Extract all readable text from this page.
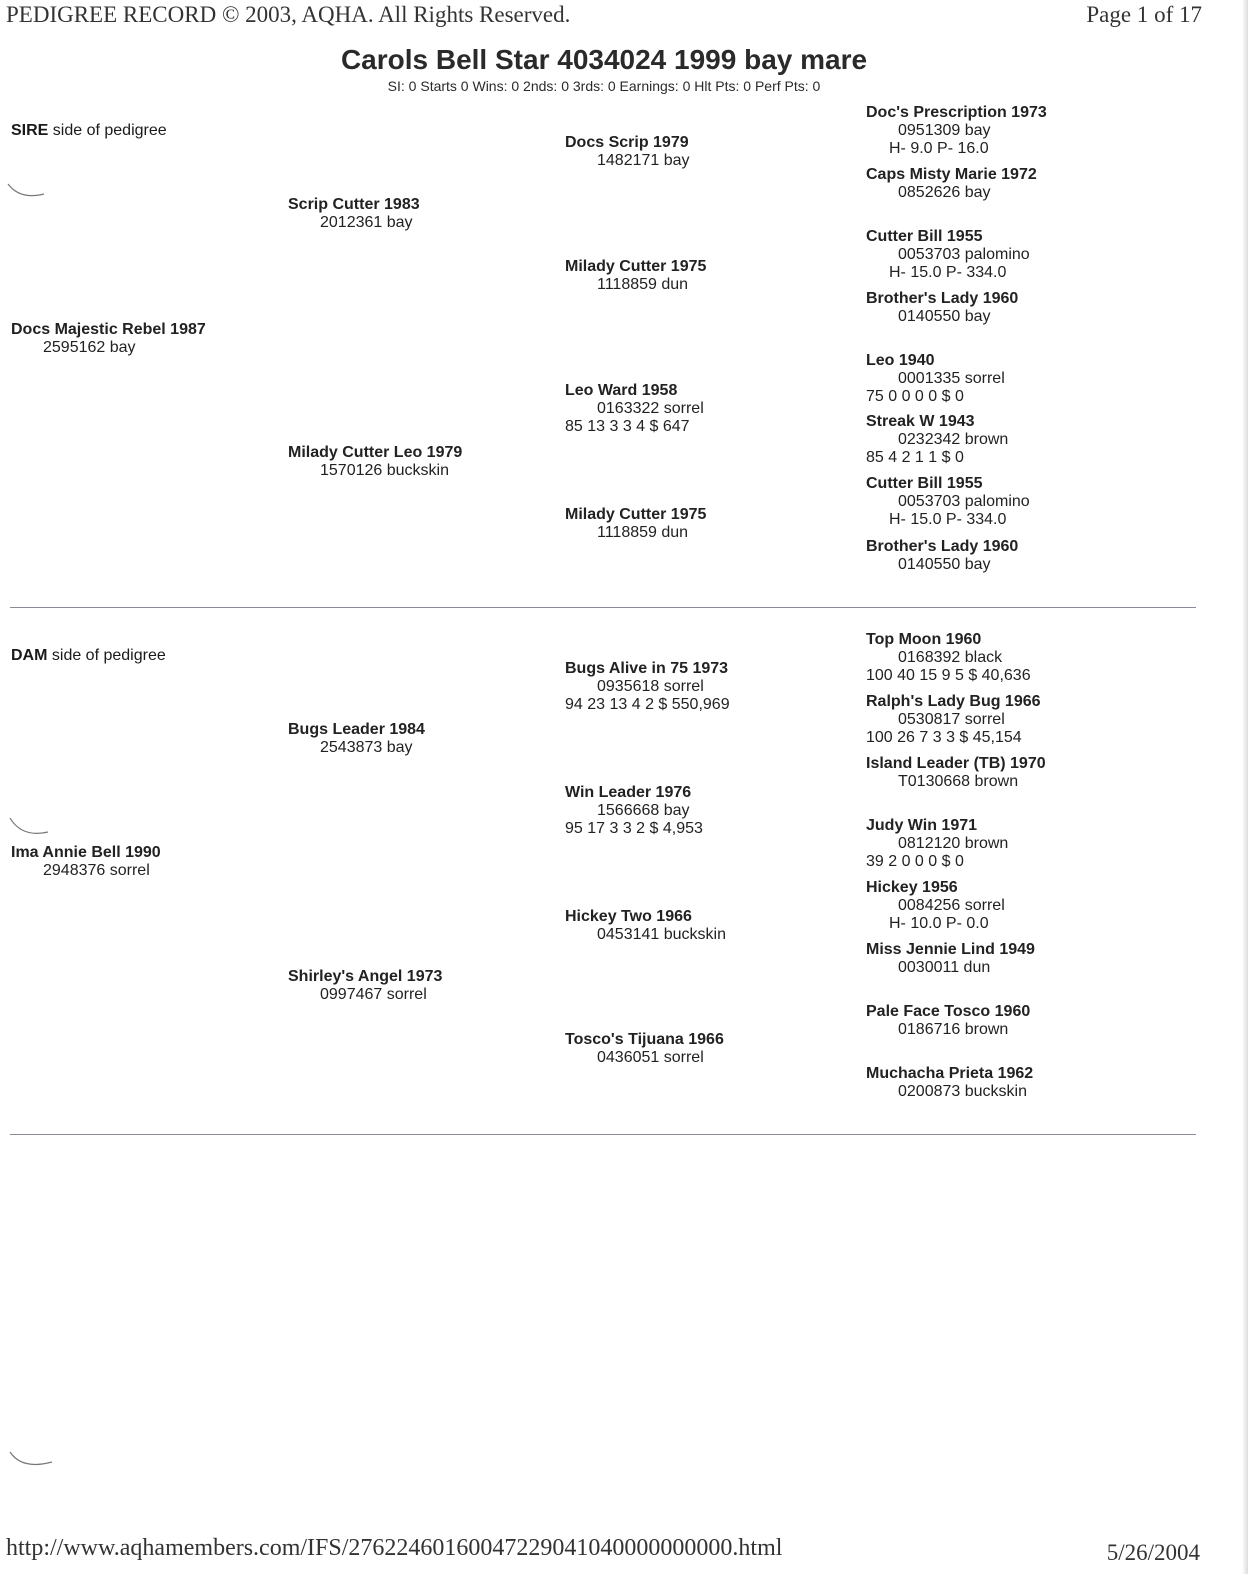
PEDIGREE RECORD © 2003, AQHA. All Rights Reserved.	Page 1 of 17
Carols Bell Star 4034024 1999 bay mare
SI: 0 Starts 0 Wins: 0 2nds: 0 3rds: 0 Earnings: 0 Hlt Pts: 0 Perf Pts: 0
SIRE side of pedigree
Docs Majestic Rebel 1987
2595162 bay
Scrip Cutter 1983
2012361 bay
Milady Cutter Leo 1979
1570126 buckskin
Docs Scrip 1979
1482171 bay
Milady Cutter 1975
1118859 dun
Leo Ward 1958
0163322 sorrel
85 13 3 3 4 $ 647
Milady Cutter 1975
1118859 dun
Doc's Prescription 1973
0951309 bay
H- 9.0 P- 16.0
Caps Misty Marie 1972
0852626 bay
Cutter Bill 1955
0053703 palomino
H- 15.0 P- 334.0
Brother's Lady 1960
0140550 bay
Leo 1940
0001335 sorrel
75 0 0 0 0 $ 0
Streak W 1943
0232342 brown
85 4 2 1 1 $ 0
Cutter Bill 1955
0053703 palomino
H- 15.0 P- 334.0
Brother's Lady 1960
0140550 bay
DAM side of pedigree
Ima Annie Bell 1990
2948376 sorrel
Bugs Leader 1984
2543873 bay
Shirley's Angel 1973
0997467 sorrel
Bugs Alive in 75 1973
0935618 sorrel
94 23 13 4 2 $ 550,969
Win Leader 1976
1566668 bay
95 17 3 3 2 $ 4,953
Hickey Two 1966
0453141 buckskin
Tosco's Tijuana 1966
0436051 sorrel
Top Moon 1960
0168392 black
100 40 15 9 5 $ 40,636
Ralph's Lady Bug 1966
0530817 sorrel
100 26 7 3 3 $ 45,154
Island Leader (TB) 1970
T0130668 brown
Judy Win 1971
0812120 brown
39 2 0 0 0 $ 0
Hickey 1956
0084256 sorrel
H- 10.0 P- 0.0
Miss Jennie Lind 1949
0030011 dun
Pale Face Tosco 1960
0186716 brown
Muchacha Prieta 1962
0200873 buckskin
http://www.aqhamembers.com/IFS/27622460160047229041040000000000.html	5/26/2004
